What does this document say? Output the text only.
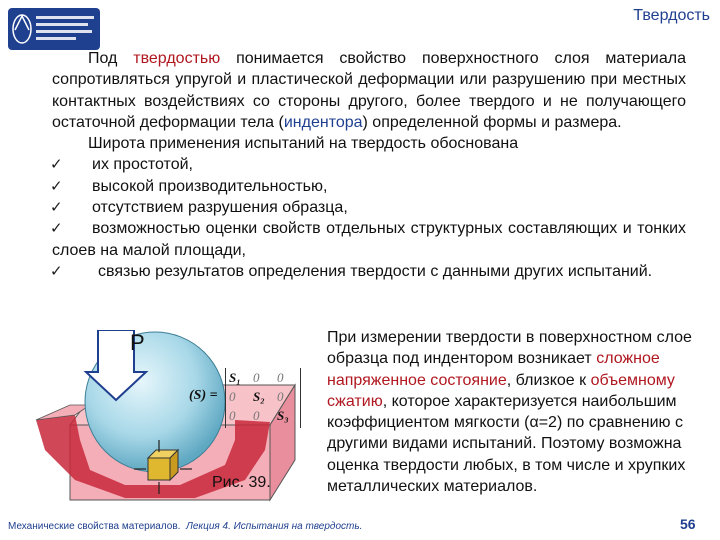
Твердость

Под твердостью понимается свойство поверхностного слоя материала сопротивляться упругой и пластической деформации или разрушению при местных контактных воздействиях со стороны другого, более твердого и не получающего остаточной деформации тела (индентора) определенной формы и размера.

Широта применения испытаний на твердость обоснована

✓ их простотой,

✓ высокой производительностью,

✓ отсутствием разрушения образца,

✓ возможностью оценки свойств отдельных структурных составляющих и тонких слоев на малой площади,

✓ связью результатов определения твердости с данными других испытаний.

P
(S) =
S₁ 0	0
0	S₂ 0
0	0	S₃
Рис. 39.
При измерении твердости в поверхностном слое образца под индентором возникает сложное напряженное состояние, близкое к объемному сжатию, которое характеризуется наибольшим коэффициентом мягкости (α=2) по сравнению с другими видами испытаний. Поэтому возможна оценка твердости любых, в том числе и хрупких металлических материалов.
Механические свойства материалов. Лекция 4. Испытания на твердость.	56
